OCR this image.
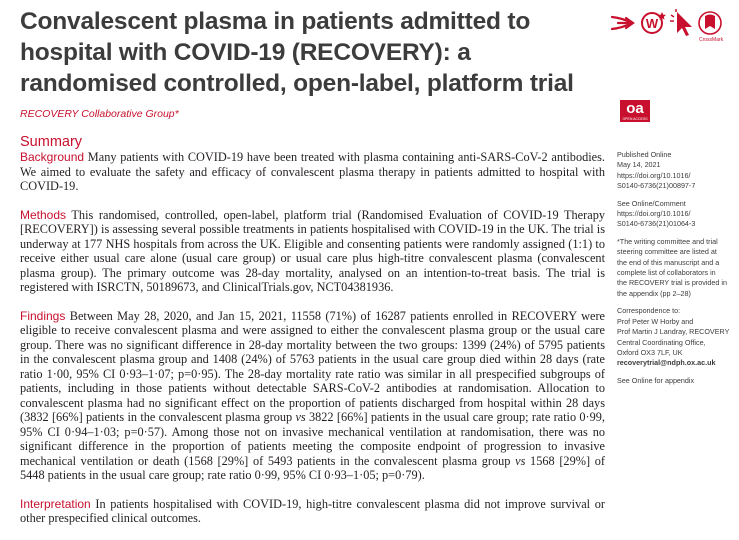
Convalescent plasma in patients admitted to hospital with COVID-19 (RECOVERY): a randomised controlled, open-label, platform trial
W
CrossMark
oa
OPEN ACCESS
RECOVERY Collaborative Group*
Summary

Background Many patients with COVID-19 have been treated with plasma containing anti-SARS-CoV-2 antibodies. We aimed to evaluate the safety and efficacy of convalescent plasma therapy in patients admitted to hospital with COVID-19.

Methods This randomised, controlled, open-label, platform trial (Randomised Evaluation of COVID-19 Therapy [RECOVERY]) is assessing several possible treatments in patients hospitalised with COVID-19 in the UK. The trial is underway at 177 NHS hospitals from across the UK. Eligible and consenting patients were randomly assigned (1:1) to receive either usual care alone (usual care group) or usual care plus high-titre convalescent plasma (convalescent plasma group). The primary outcome was 28-day mortality, analysed on an intention-to-treat basis. The trial is registered with ISRCTN, 50189673, and ClinicalTrials.gov, NCT04381936.

Findings Between May 28, 2020, and Jan 15, 2021, 11558 (71%) of 16287 patients enrolled in RECOVERY were eligible to receive convalescent plasma and were assigned to either the convalescent plasma group or the usual care group. There was no significant difference in 28-day mortality between the two groups: 1399 (24%) of 5795 patients in the convalescent plasma group and 1408 (24%) of 5763 patients in the usual care group died within 28 days (rate ratio 1·00, 95% CI 0·93–1·07; p=0·95). The 28-day mortality rate ratio was similar in all prespecified subgroups of patients, including in those patients without detectable SARS-CoV-2 antibodies at randomisation. Allocation to convalescent plasma had no significant effect on the proportion of patients discharged from hospital within 28 days (3832 [66%] patients in the convalescent plasma group vs 3822 [66%] patients in the usual care group; rate ratio 0·99, 95% CI 0·94–1·03; p=0·57). Among those not on invasive mechanical ventilation at randomisation, there was no significant difference in the proportion of patients meeting the composite endpoint of progression to invasive mechanical ventilation or death (1568 [29%] of 5493 patients in the convalescent plasma group vs 1568 [29%] of 5448 patients in the usual care group; rate ratio 0·99, 95% CI 0·93–1·05; p=0·79).

Interpretation In patients hospitalised with COVID-19, high-titre convalescent plasma did not improve survival or other prespecified clinical outcomes.

Published Online
May 14, 2021
https://doi.org/10.1016/
S0140-6736(21)00897-7
See Online/Comment
https://doi.org/10.1016/
S0140-6736(21)01064-3
*The writing committee and trial
steering committee are listed at
the end of this manuscript and a
complete list of collaborators in
the RECOVERY trial is provided in
the appendix (pp 2–28)
Correspondence to:
Prof Peter W Horby and
Prof Martin J Landray, RECOVERY
Central Coordinating Office,
Oxford OX3 7LF, UK
recoverytrial@ndph.ox.ac.uk
See Online for appendix
